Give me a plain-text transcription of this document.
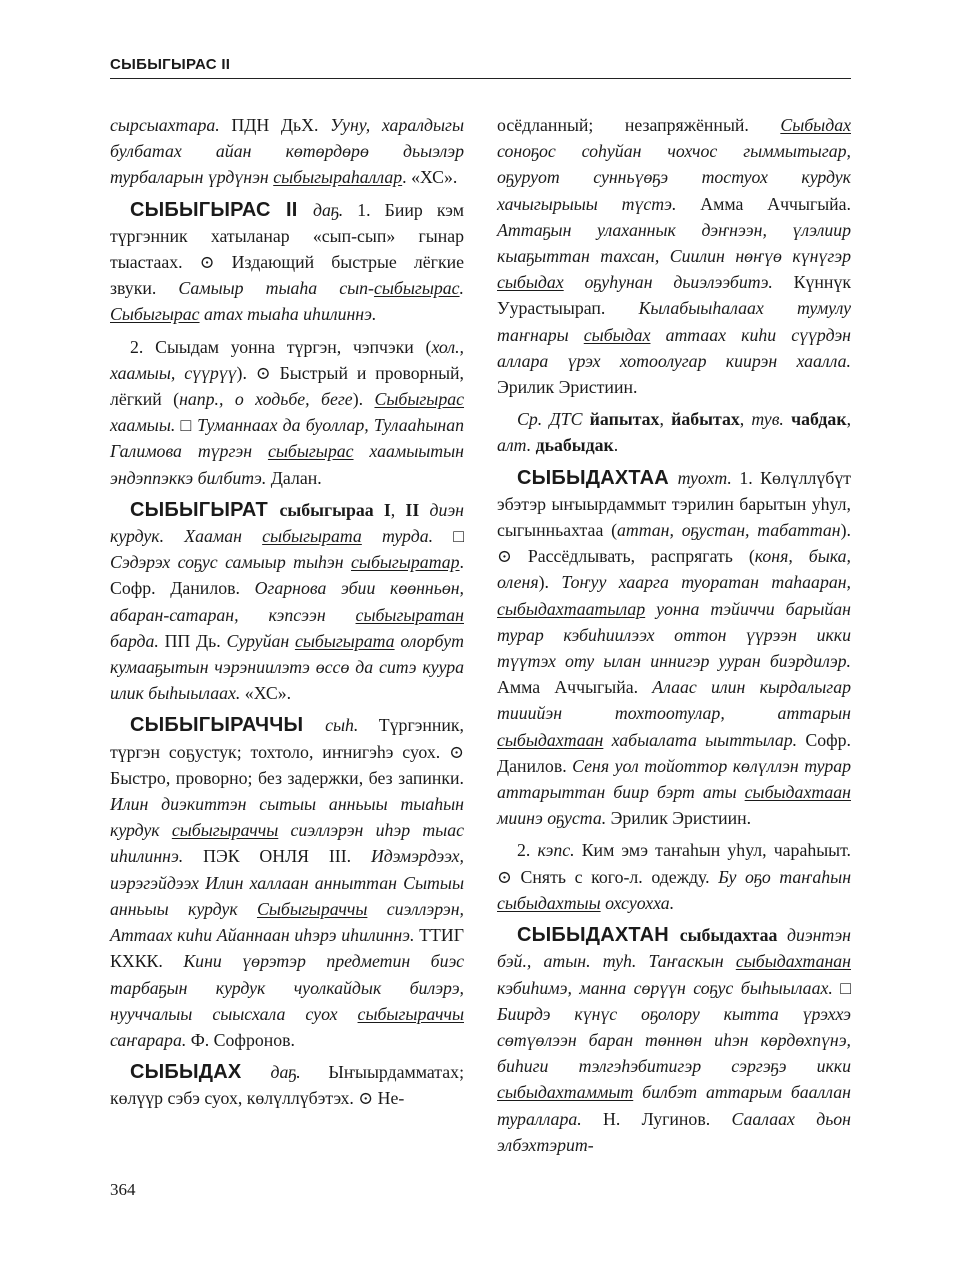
СЫБЫГЫРАС II

сырсыахтара. ПДН ДьХ. Ууну, харалдыгы булбатах айан көтөрдөрө дьыэлэр турбаларын үрдүнэн сыбыгыраһаллар. «ХС».

СЫБЫГЫРАС II даҕ. 1. Биир кэм түргэнник хатыланар «сып-сып» гынар тыастаах. ⊙ Издающий быстрые лёгкие звуки. Самыыр тыаһа сып-сыбыгырас. Сыбыгырас атах тыаһа иһилиннэ.

2. Сыыдам уонна түргэн, чэпчэки (хол., хаамыы, сүүрүү). ⊙ Быстрый и проворный, лёгкий (напр., о ходьбе, беге). Сыбыгырас хаамыы. □ Туманнаах да буоллар, Тулааһынап Галимова түргэн сыбыгырас хаамыытын эндэппэккэ билбитэ. Далан.

СЫБЫГЫРАТ сыбыгыраа I, II диэн курдук. Хааман сыбыгырата турда. □ Сэдэрэх соҕус самыыр тыһэн сыбыгыратар. Софр. Данилов. Огарнова эбии көөнньөн, абаран-сатаран, кэпсээн сыбыгыратан барда. ПП Дь. Суруйан сыбыгырата олорбут кумааҕытын чэрэниилэтэ өссө да ситэ куура илик быһыылаах. «ХС».

СЫБЫГЫРАЧЧЫ сыһ. Түргэнник, түргэн соҕустук; тохтоло, иҥнигэһэ суох. ⊙ Быстро, проворно; без задержки, без запинки. Илин диэкиттэн сытыы анньыы тыаһын курдук сыбыгыраччы сиэллэрэн иһэр тыас иһилиннэ. ПЭК ОНЛЯ III. Идэмэрдээх, иэрэгэйдээх Илин халлаан анныттан Сытыы анньыы курдук Сыбыгыраччы сиэллэрэн, Аттаах киһи Айаннаан иһэрэ иһилиннэ. ТТИГ КХКК. Кини үөрэтэр предметин биэс тарбаҕын курдук чуолкайдык билэрэ, нууччалыы сыысхала суох сыбыгыраччы саҥарара. Ф. Софронов.

СЫБЫДАХ даҕ. Ыҥыырдамматах; көлүүр сэбэ суох, көлүллүбэтэх. ⊙ Не-

осёдланный; незапряжённый. Сыбыдах соноҕос соһуйан чохчос гыммытыгар, оҕуруот сунньүөҕэ тостуох курдук хачыгырыыы түстэ. Амма Аччыгыйа. Аттаҕын улаханнык дэҥнээн, үлэлиир кыаҕыттан тахсан, Сиилин нөҥүө күнүгэр сыбыдах оҕуһунан дьиэлээбитэ. Күннүк Уурастыырап. Кылабыыһалаах тумулу таҥнары сыбыдах аттаах киһи сүүрдэн аллара үрэх хотоолугар киирэн хаалла. Эрилик Эристиин.

Ср. ДТС йапытах, йабытах, тув. чабдак, алт. дьабыдак.

СЫБЫДАХТАА туохт. 1. Көлүллүбүт эбэтэр ыҥыырдаммыт тэрилин барытын уһул, сыгынньахтаа (аттан, оҕустан, табаттан). ⊙ Рассёдлывать, распрягать (коня, быка, оленя). Тоҥуу хаарга туоратан таһааран, сыбыдахтаатылар уонна тэйиччи барыйан турар кэбиһиилээх оттон үүрээн икки түүтэх оту ылан иннигэр ууран биэрдилэр. Амма Аччыгыйа. Алаас илин кырдалыгар тииийэн тохтоотулар, аттарын сыбыдахтаан хабыалата ыыттылар. Софр. Данилов. Сеня уол тойоттор көлүллэн турар аттарыттан биир бэрт аты сыбыдахтаан миинэ оҕуста. Эрилик Эристиин.

2. кэпс. Ким эмэ таҥаһын уһул, чараһыыт. ⊙ Снять с кого-л. одежду. Бу оҕо таҥаһын сыбыдахтыы охсуохха.

СЫБЫДАХТАН сыбыдахтаа диэнтэн бэй., атын. туһ. Таҥаскын сыбыдахтанан кэбиһимэ, манна сөрүүн соҕус быһыылаах. □ Биирдэ күнүс оҕолору кытта үрэххэ сөтүөлээн баран төннөн иһэн көрдөхпүнэ, биһиги тэлгэһэбитигэр сэргэҕэ икки сыбыдахтаммыт билбэт аттарым бааллан тураллара. Н. Лугинов. Саалаах дьон элбэхтэрит-

364
